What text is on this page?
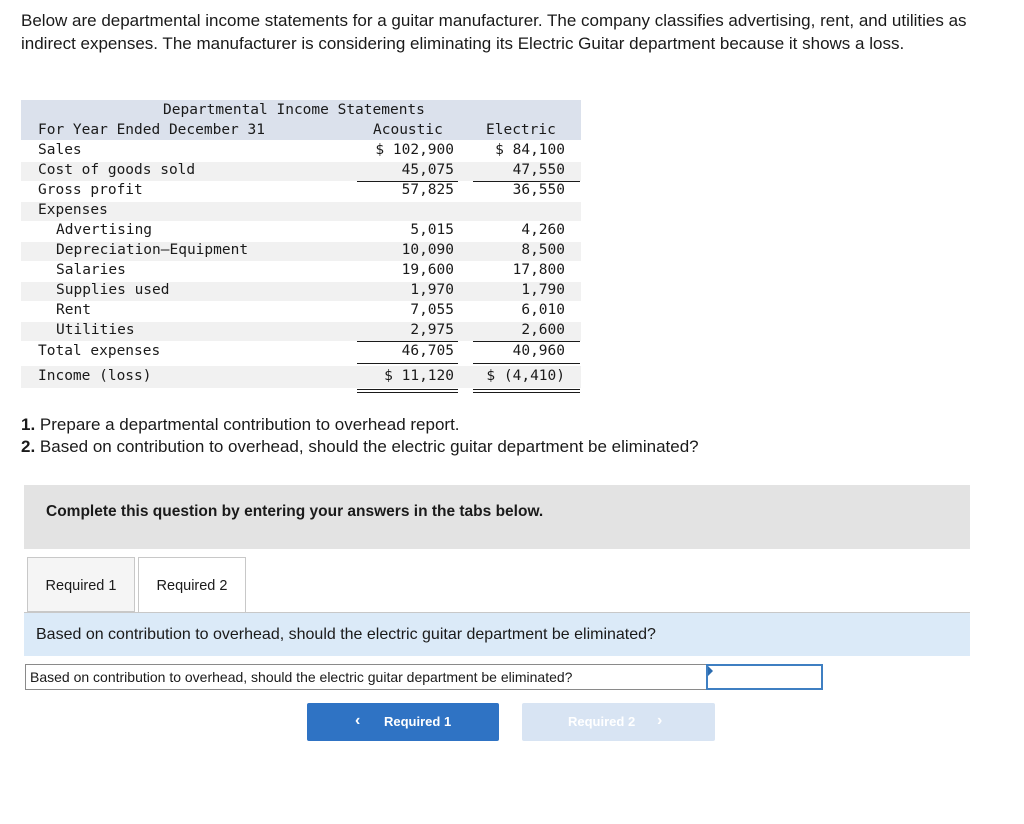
Below are departmental income statements for a guitar manufacturer. The company classifies advertising, rent, and utilities as indirect expenses. The manufacturer is considering eliminating its Electric Guitar department because it shows a loss.
Departmental Income Statements
For Year Ended December 31	Acoustic	Electric
Sales	$ 102,900	$ 84,100
Cost of goods sold	45,075	47,550
Gross profit	57,825	36,550
Expenses
Advertising	5,015	4,260
Depreciation—Equipment	10,090	8,500
Salaries	19,600	17,800
Supplies used	1,970	1,790
Rent	7,055	6,010
Utilities	2,975	2,600
Total expenses	46,705	40,960
Income (loss)	$ 11,120	$ (4,410)
1. Prepare a departmental contribution to overhead report.
2. Based on contribution to overhead, should the electric guitar department be eliminated?
Complete this question by entering your answers in the tabs below.
Required 1	Required 2
Based on contribution to overhead, should the electric guitar department be eliminated?
Based on contribution to overhead, should the electric guitar department be eliminated?
‹ Required 1	Required 2 ›
